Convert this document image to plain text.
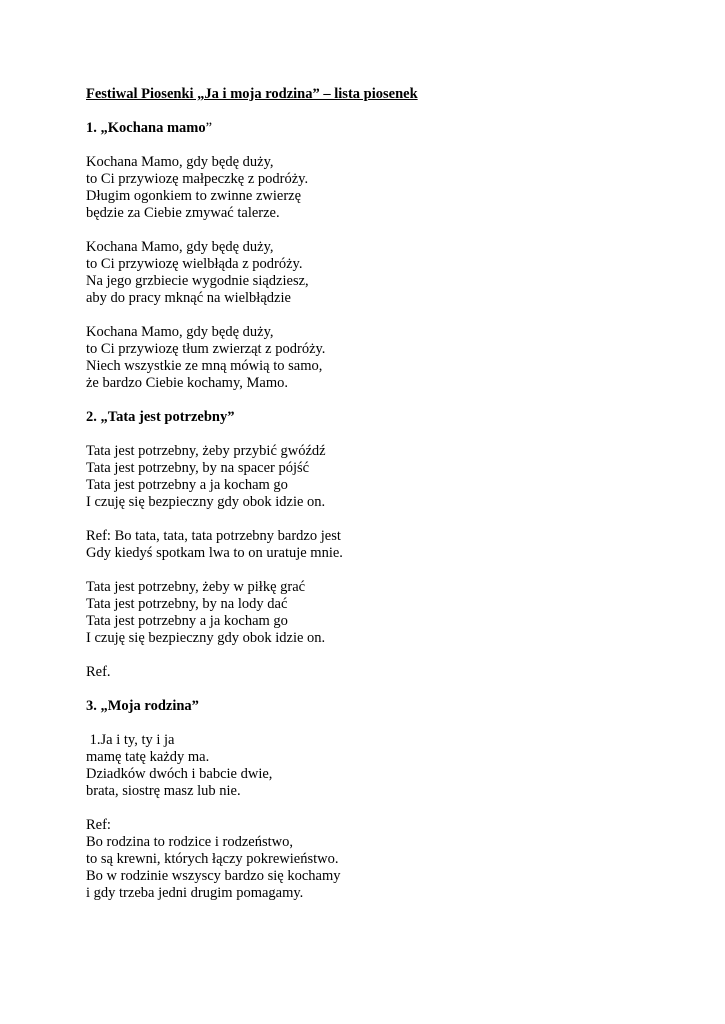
Festiwal Piosenki „Ja i moja rodzina” – lista piosenek
1. „Kochana mamo”
Kochana Mamo, gdy będę duży,
to Ci przywiozę małpeczkę z podróży.
Długim ogonkiem to zwinne zwierzę
będzie za Ciebie zmywać talerze.
Kochana Mamo, gdy będę duży,
to Ci przywiozę wielbłąda z podróży.
Na jego grzbiecie wygodnie siądziesz,
aby do pracy mknąć na wielbłądzie
Kochana Mamo, gdy będę duży,
to Ci przywiozę tłum zwierząt z podróży.
Niech wszystkie ze mną mówią to samo,
że bardzo Ciebie kochamy, Mamo.
2. „Tata jest potrzebny”
Tata jest potrzebny, żeby przybić gwóźdź
Tata jest potrzebny, by na spacer pójść
Tata jest potrzebny a ja kocham go
I czuję się bezpieczny gdy obok idzie on.
Ref: Bo tata, tata, tata potrzebny bardzo jest
Gdy kiedyś spotkam lwa to on uratuje mnie.
Tata jest potrzebny, żeby w piłkę grać
Tata jest potrzebny, by na lody dać
Tata jest potrzebny a ja kocham go
I czuję się bezpieczny gdy obok idzie on.
Ref.
3. „Moja rodzina”
1.Ja i ty, ty i ja
mamę tatę każdy ma.
Dziadków dwóch i babcie dwie,
brata, siostrę masz lub nie.
Ref:
Bo rodzina to rodzice i rodzeństwo,
to są krewni, których łączy pokrewieństwo.
Bo w rodzinie wszyscy bardzo się kochamy
i gdy trzeba jedni drugim pomagamy.
